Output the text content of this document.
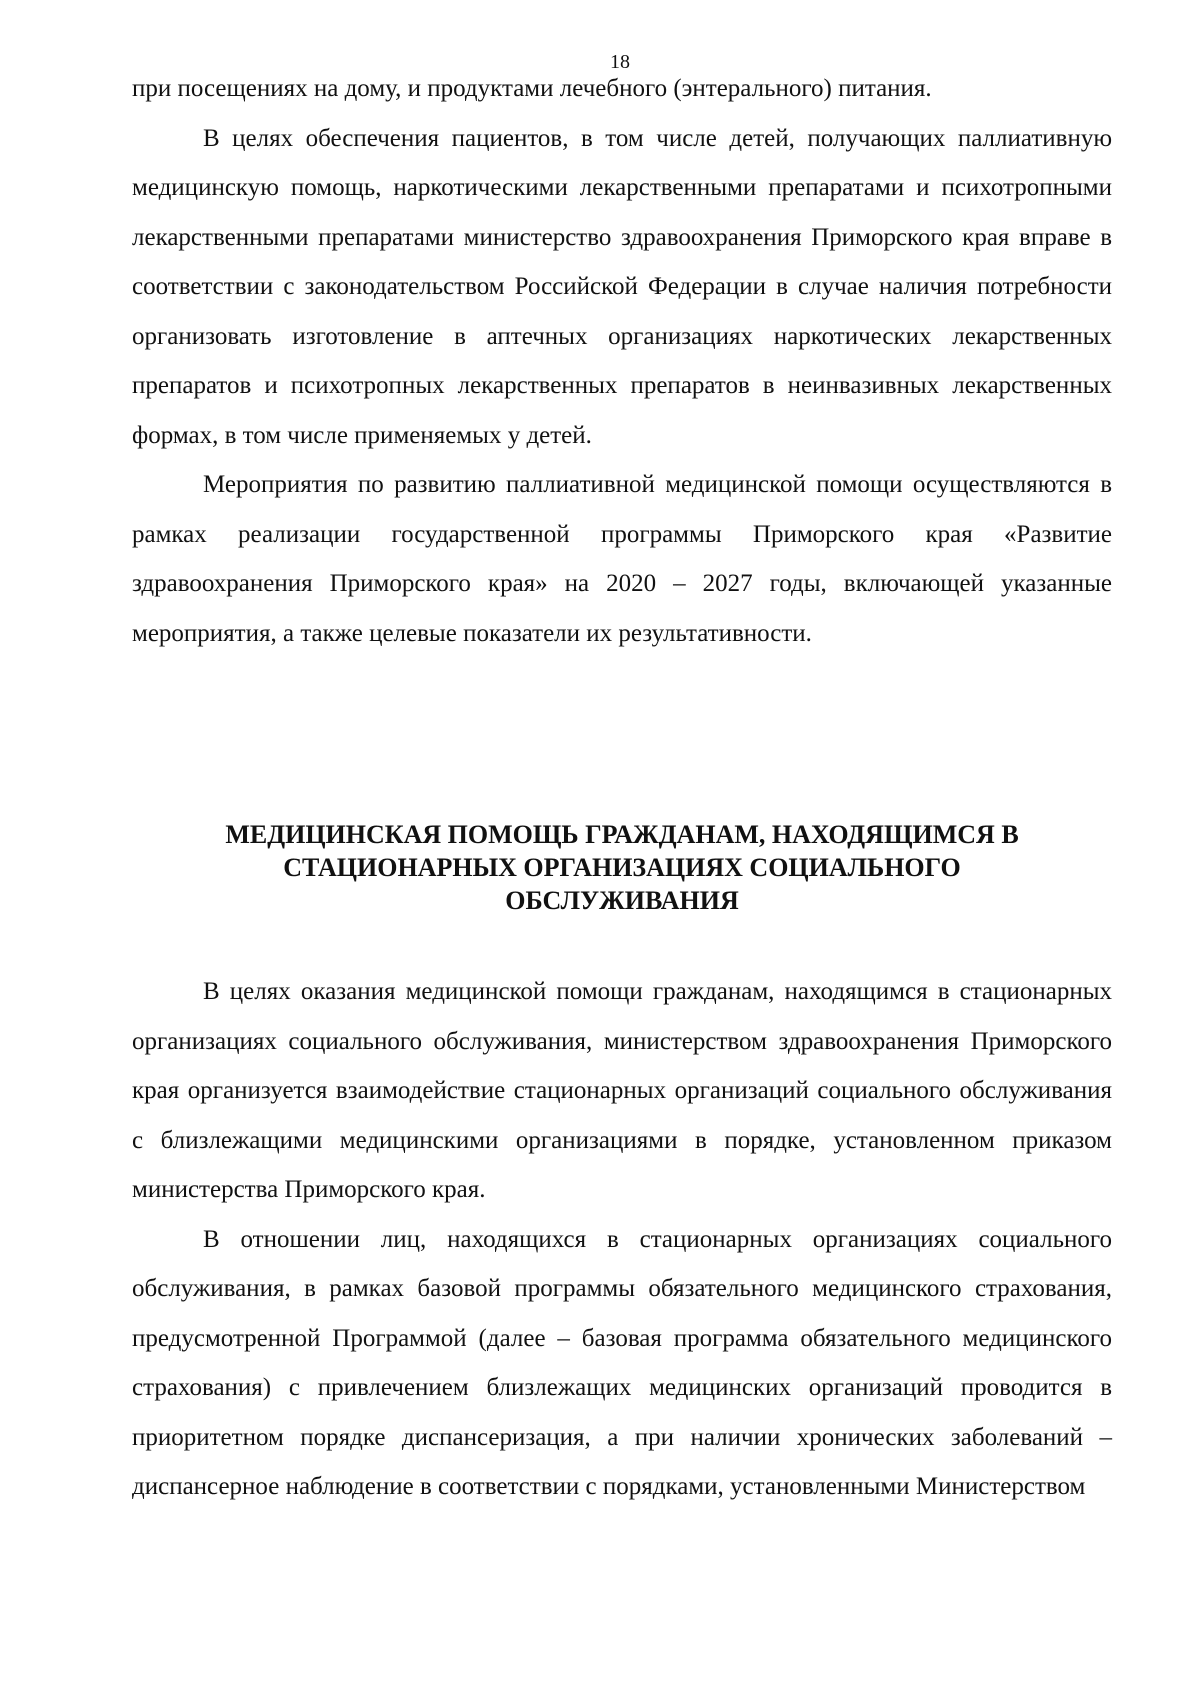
18

при посещениях на дому, и продуктами лечебного (энтерального) питания.

В целях обеспечения пациентов, в том числе детей, получающих паллиативную медицинскую помощь, наркотическими лекарственными препаратами и психотропными лекарственными препаратами министерство здравоохранения Приморского края вправе в соответствии с законодательством Российской Федерации в случае наличия потребности организовать изготовление в аптечных организациях наркотических лекарственных препаратов и психотропных лекарственных препаратов в неинвазивных лекарственных формах, в том числе применяемых у детей.

Мероприятия по развитию паллиативной медицинской помощи осуществляются в рамках реализации государственной программы Приморского края «Развитие здравоохранения Приморского края» на 2020 – 2027 годы, включающей указанные мероприятия, а также целевые показатели их результативности.

МЕДИЦИНСКАЯ ПОМОЩЬ ГРАЖДАНАМ, НАХОДЯЩИМСЯ В
СТАЦИОНАРНЫХ ОРГАНИЗАЦИЯХ СОЦИАЛЬНОГО
ОБСЛУЖИВАНИЯ

В целях оказания медицинской помощи гражданам, находящимся в стационарных организациях социального обслуживания, министерством здравоохранения Приморского края организуется взаимодействие стационарных организаций социального обслуживания с близлежащими медицинскими организациями в порядке, установленном приказом министерства Приморского края.

В отношении лиц, находящихся в стационарных организациях социального обслуживания, в рамках базовой программы обязательного медицинского страхования, предусмотренной Программой (далее – базовая программа обязательного медицинского страхования) с привлечением близлежащих медицинских организаций проводится в приоритетном порядке диспансеризация, а при наличии хронических заболеваний – диспансерное наблюдение в соответствии с порядками, установленными Министерством
